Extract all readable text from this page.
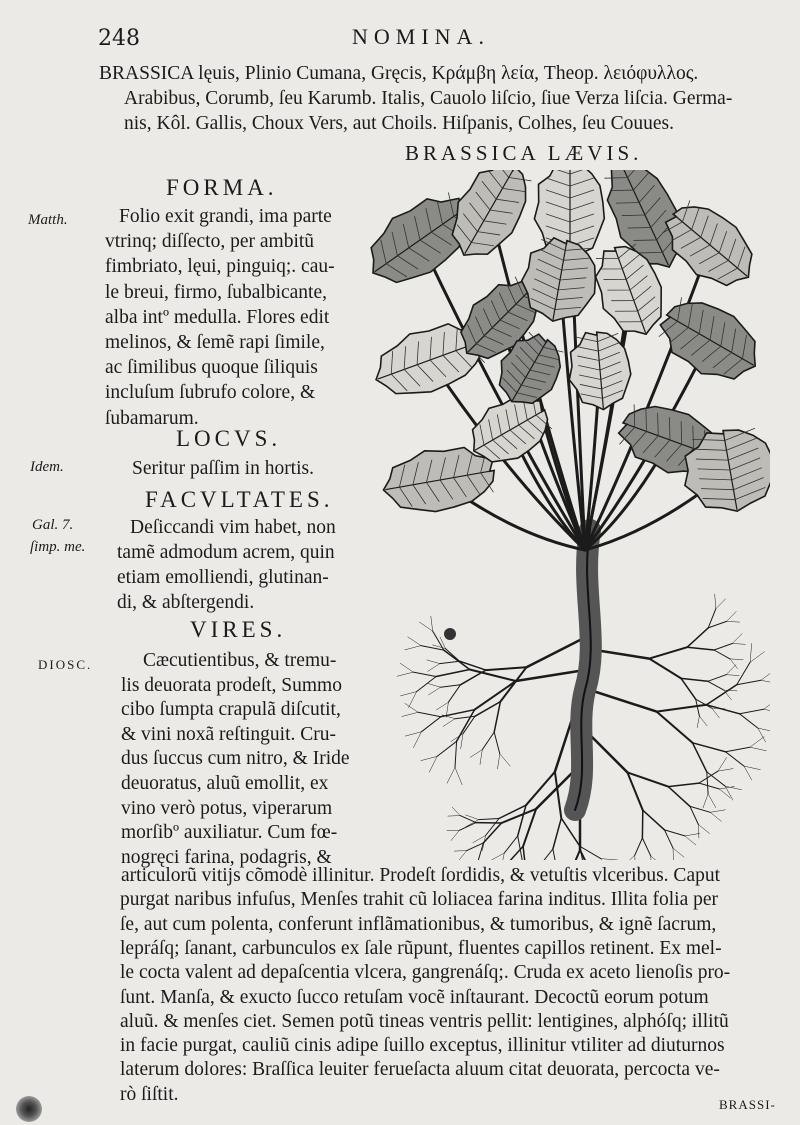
248	NOMINA.
BRASSICA lęuis, Plinio Cumana, Gręcis, Κράμβη λεία, Theop. λειόφυλλος.
Arabibus, Corumb, ſeu Karumb. Italis, Cauolo liſcio, ſiue Verza liſcia. Germa-
nis, Kôl. Gallis, Choux Vers, aut Choils. Hiſpanis, Colhes, ſeu Couues.
BRASSICA LÆVIS.
FORMA.
Matth.	Folio exit grandi, ima parte
vtrinq; diſſecto, per ambitũ
fimbriato, lęui, pinguiq;. cau-
le breui, firmo, ſubalbicante,
alba intº medulla. Flores edit
melinos, & ſemẽ rapi ſimile,
ac ſimilibus quoque ſiliquis
incluſum ſubrufo colore, &
ſubamarum.
LOCVS.
Idem.	Seritur paſſim in hortis.
FACVLTATES.
Gal. 7.
ſimp. me.
Deſiccandi vim habet, non
tamẽ admodum acrem, quin
etiam emolliendi, glutinan-
di, & abſtergendi.
VIRES.
DIOSC.	Cæcutientibus, & tremu-
lis deuorata prodeſt, Summo
cibo ſumpta crapulã diſcutit,
& vini noxã reſtinguit. Cru-
dus ſuccus cum nitro, & Iride
deuoratus, aluũ emollit, ex
vino verò potus, viperarum
morſibº auxiliatur. Cum fœ-
nogręci farina, podagris, &
articulorũ vitijs cõmodè illinitur. Prodeſt ſordidis, & vetuſtis vlceribus. Caput
purgat naribus infuſus, Menſes trahit cũ loliacea farina inditus. Illita folia per
ſe, aut cum polenta, conferunt inflãmationibus, & tumoribus, & ignẽ ſacrum,
lepráſq; ſanant, carbunculos ex ſale rũpunt, fluentes capillos retinent. Ex mel-
le cocta valent ad depaſcentia vlcera, gangrenáſq;. Cruda ex aceto lienoſis pro-
ſunt. Manſa, & exucto ſucco retuſam vocẽ inſtaurant. Decoctũ eorum potum
aluũ. & menſes ciet. Semen potũ tineas ventris pellit: lentigines, alphóſq; illitũ
in facie purgat, cauliũ cinis adipe ſuillo exceptus, illinitur vtiliter ad diuturnos
laterum dolores: Braſſica leuiter ferueſacta aluum citat deuorata, percocta ve-
rò ſiſtit.	BRASSI-
